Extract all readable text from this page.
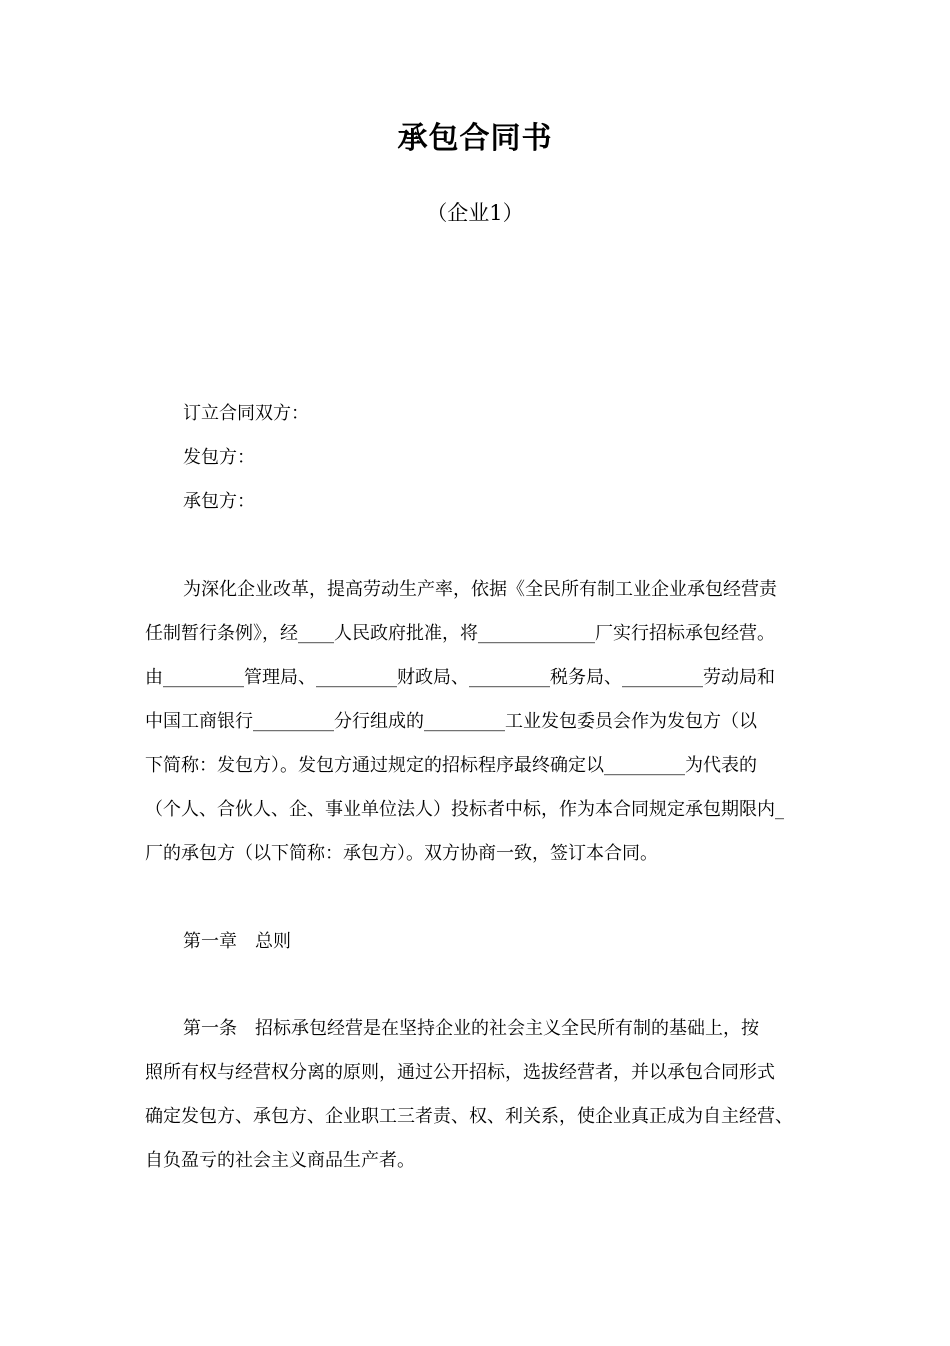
承包合同书
（企业1）
订立合同双方：
发包方：
承包方：
为深化企业改革，提高劳动生产率，依据《全民所有制工业企业承包经营责
任制暂行条例》，经____人民政府批准，将_____________厂实行招标承包经营。
由_________管理局、_________财政局、_________税务局、_________劳动局和
中国工商银行_________分行组成的_________工业发包委员会作为发包方（以
下简称：发包方）。发包方通过规定的招标程序最终确定以_________为代表的
（个人、合伙人、企、事业单位法人）投标者中标，作为本合同规定承包期限内_
厂的承包方（以下简称：承包方）。双方协商一致，签订本合同。
第一章　总则
第一条　招标承包经营是在坚持企业的社会主义全民所有制的基础上，按
照所有权与经营权分离的原则，通过公开招标，选拔经营者，并以承包合同形式
确定发包方、承包方、企业职工三者责、权、利关系，使企业真正成为自主经营、
自负盈亏的社会主义商品生产者。
